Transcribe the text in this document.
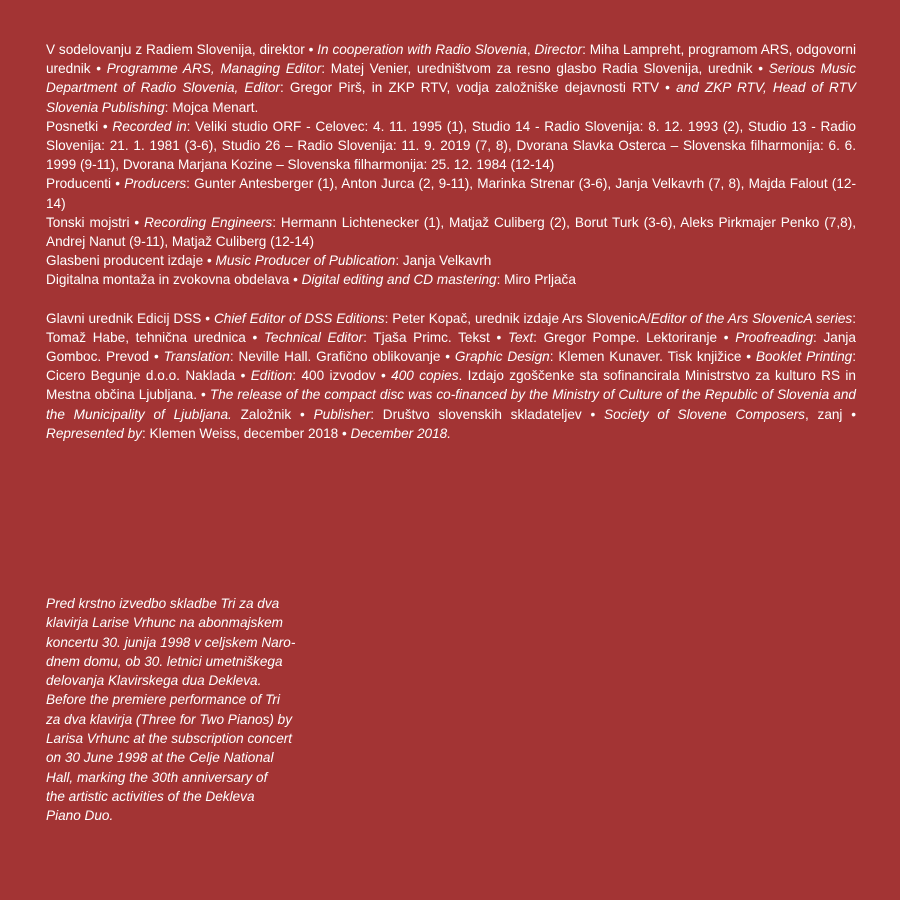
V sodelovanju z Radiem Slovenija, direktor • In cooperation with Radio Slovenia, Director: Miha Lampreht, programom ARS, odgovorni urednik • Programme ARS, Managing Editor: Matej Venier, uredništvom za resno glasbo Radia Slovenija, urednik • Serious Music Department of Radio Slovenia, Editor: Gregor Pirš, in ZKP RTV, vodja založniške dejavnosti RTV • and ZKP RTV, Head of RTV Slovenia Publishing: Mojca Menart.

Posnetki • Recorded in: Veliki studio ORF - Celovec: 4. 11. 1995 (1), Studio 14 - Radio Slovenija: 8. 12. 1993 (2), Studio 13 - Radio Slovenija: 21. 1. 1981 (3-6), Studio 26 – Radio Slovenija: 11. 9. 2019 (7, 8), Dvorana Slavka Osterca – Slovenska filharmonija: 6. 6. 1999 (9-11), Dvorana Marjana Kozine – Slovenska filharmonija: 25. 12. 1984 (12-14)

Producenti • Producers: Gunter Antesberger (1), Anton Jurca (2, 9-11), Marinka Strenar (3-6), Janja Velkavrh (7, 8), Majda Falout (12-14)

Tonski mojstri • Recording Engineers: Hermann Lichtenecker (1), Matjaž Culiberg (2), Borut Turk (3-6), Aleks Pirkmajer Penko (7,8), Andrej Nanut (9-11), Matjaž Culiberg (12-14)

Glasbeni producent izdaje • Music Producer of Publication: Janja Velkavrh

Digitalna montaža in zvokovna obdelava • Digital editing and CD mastering: Miro Prljača

Glavni urednik Edicij DSS • Chief Editor of DSS Editions: Peter Kopač, urednik izdaje Ars SlovenicA/Editor of the Ars SlovenicA series: Tomaž Habe, tehnična urednica • Technical Editor: Tjaša Primc. Tekst • Text: Gregor Pompe. Lektoriranje • Proofreading: Janja Gomboc. Prevod • Translation: Neville Hall. Grafično oblikovanje • Graphic Design: Klemen Kunaver. Tisk knjižice • Booklet Printing: Cicero Begunje d.o.o. Naklada • Edition: 400 izvodov • 400 copies. Izdajo zgoščenke sta sofinancirala Ministrstvo za kulturo RS in Mestna občina Ljubljana. • The release of the compact disc was co-financed by the Ministry of Culture of the Republic of Slovenia and the Municipality of Ljubljana. Založnik • Publisher: Društvo slovenskih skladateljev • Society of Slovene Composers, zanj • Represented by: Klemen Weiss, december 2018 • December 2018.

Pred krstno izvedbo skladbe Tri za dva

klavirja Larise Vrhunc na abonmajskem

koncertu 30. junija 1998 v celjskem Naro-

dnem domu, ob 30. letnici umetniškega

delovanja Klavirskega dua Dekleva.

Before the premiere performance of Tri

za dva klavirja (Three for Two Pianos) by

Larisa Vrhunc at the subscription concert

on 30 June 1998 at the Celje National

Hall, marking the 30th anniversary of

the artistic activities of the Dekleva

Piano Duo.
